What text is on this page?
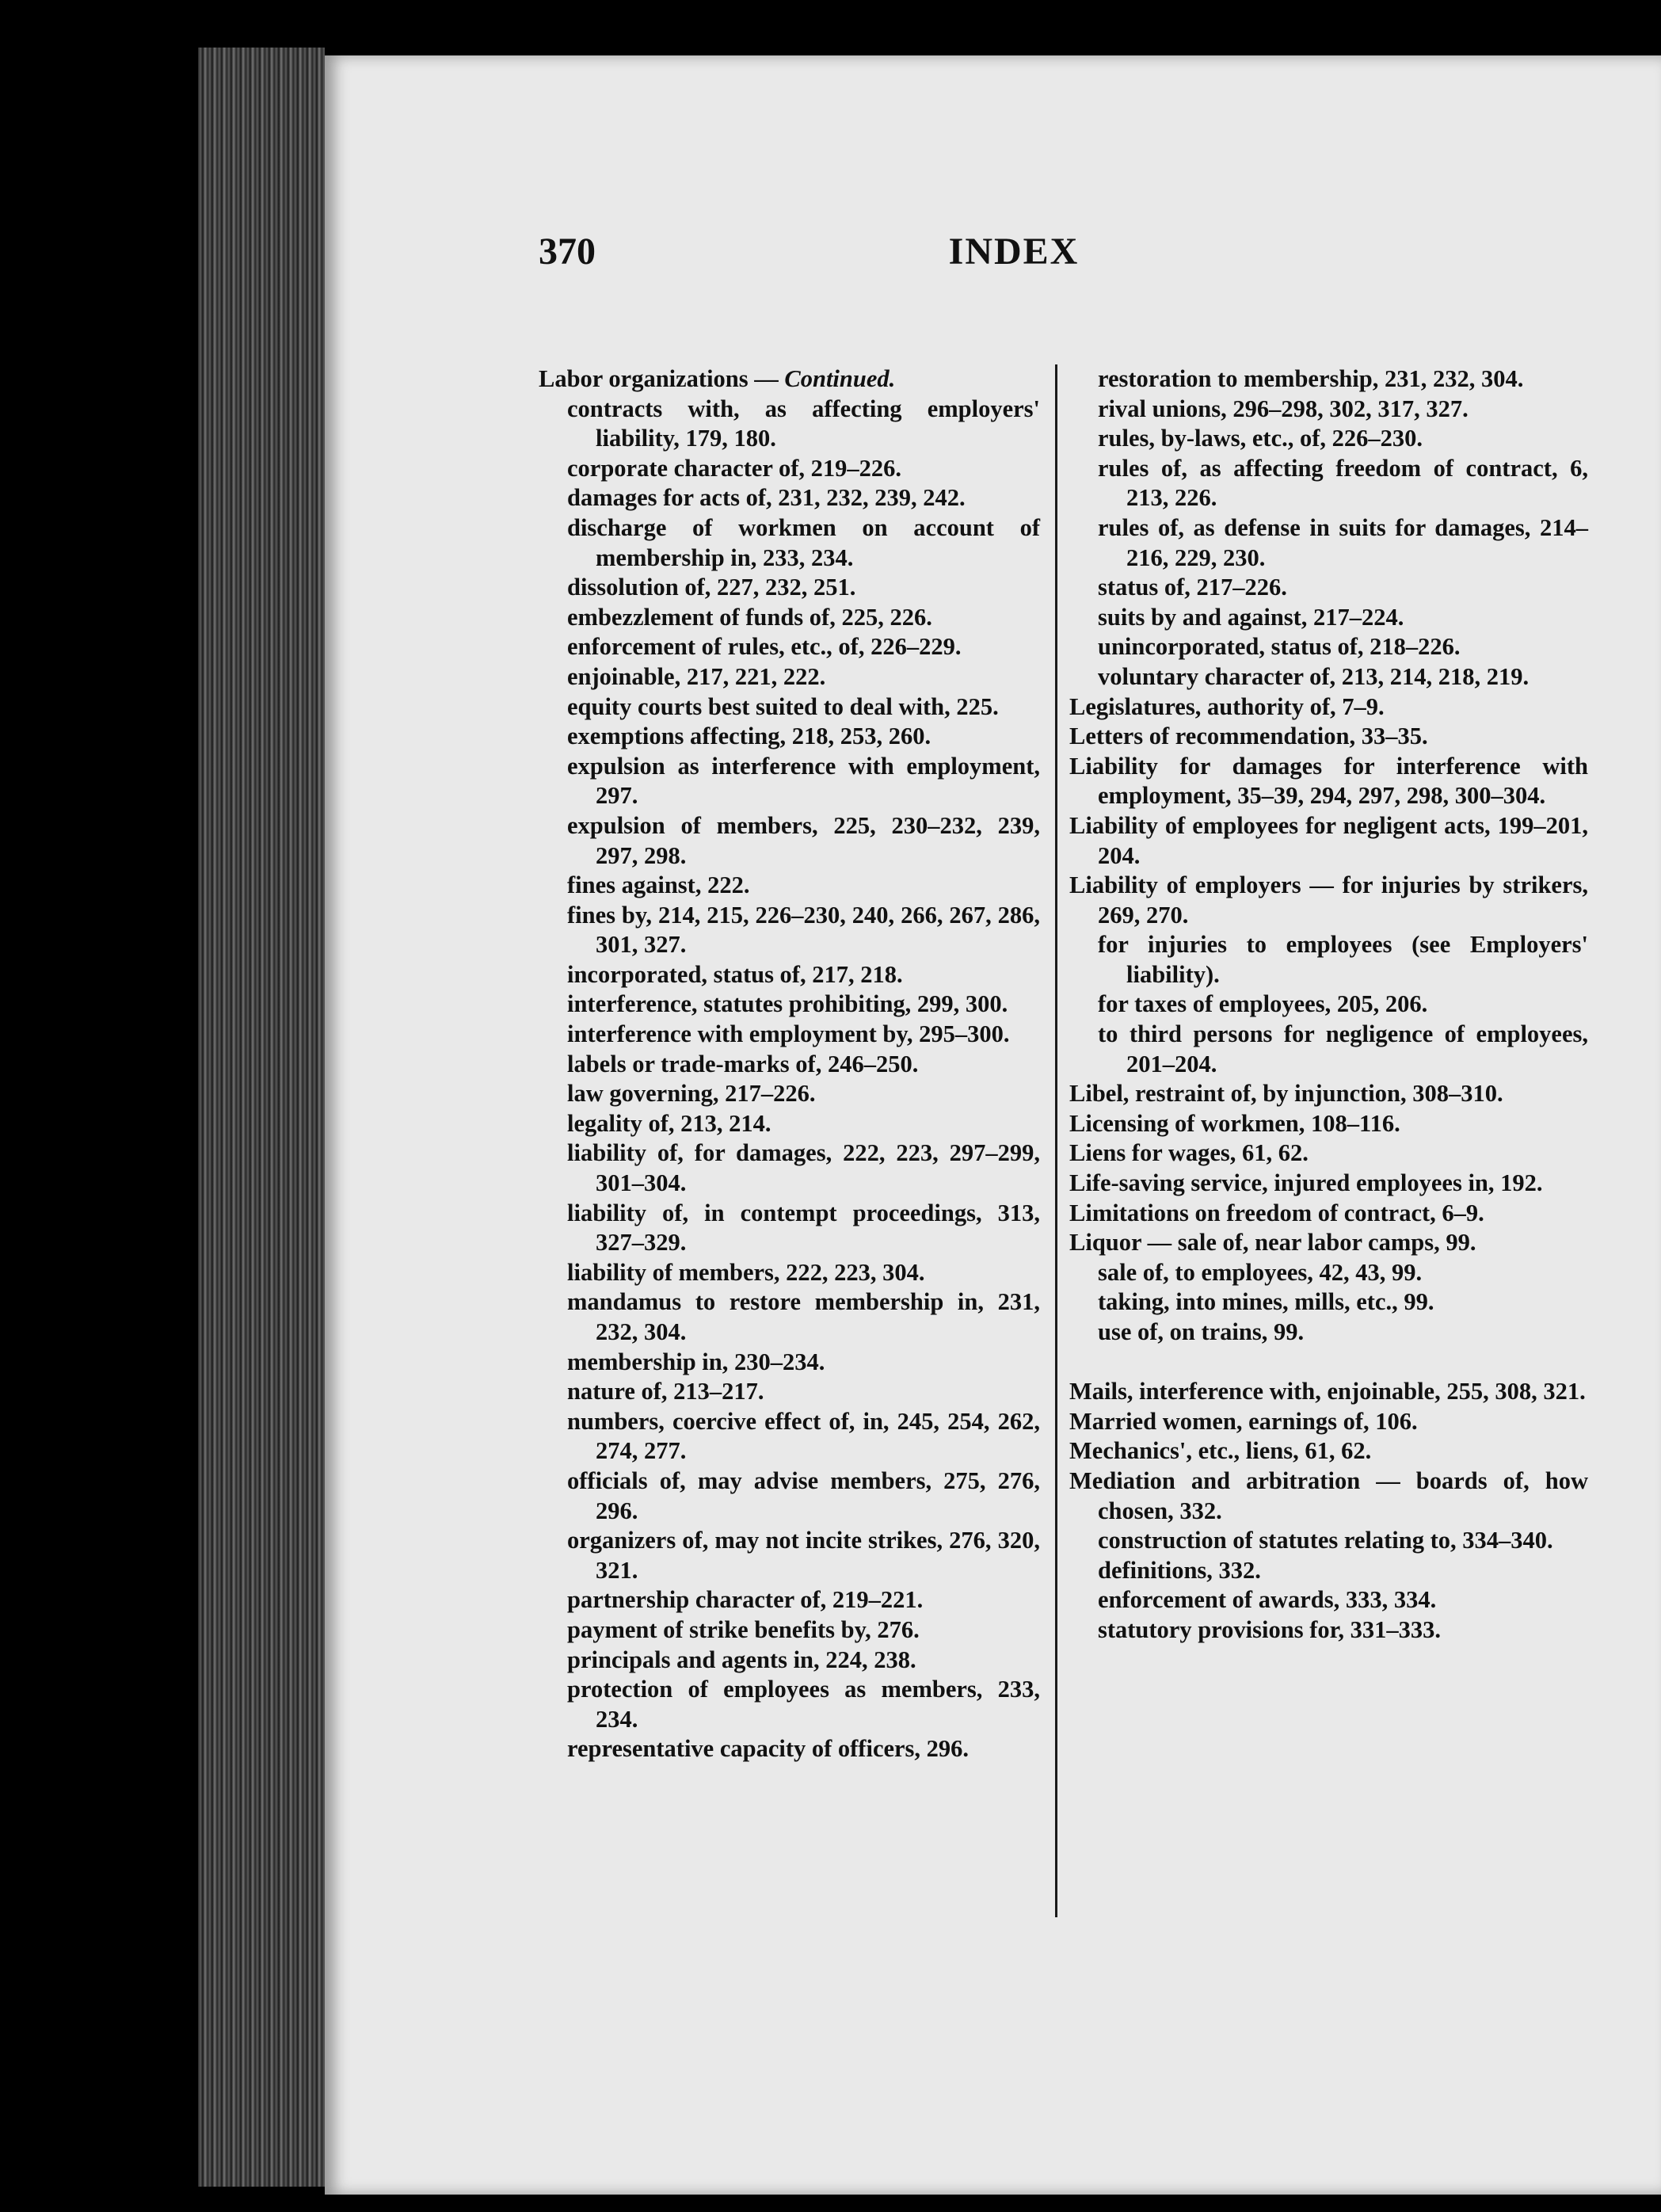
370	INDEX
Labor organizations — Continued.
contracts with, as affecting employers' liability, 179, 180.
corporate character of, 219–226.
damages for acts of, 231, 232, 239, 242.
discharge of workmen on account of membership in, 233, 234.
dissolution of, 227, 232, 251.
embezzlement of funds of, 225, 226.
enforcement of rules, etc., of, 226–229.
enjoinable, 217, 221, 222.
equity courts best suited to deal with, 225.
exemptions affecting, 218, 253, 260.
expulsion as interference with employment, 297.
expulsion of members, 225, 230–232, 239, 297, 298.
fines against, 222.
fines by, 214, 215, 226–230, 240, 266, 267, 286, 301, 327.
incorporated, status of, 217, 218.
interference, statutes prohibiting, 299, 300.
interference with employment by, 295–300.
labels or trade-marks of, 246–250.
law governing, 217–226.
legality of, 213, 214.
liability of, for damages, 222, 223, 297–299, 301–304.
liability of, in contempt proceedings, 313, 327–329.
liability of members, 222, 223, 304.
mandamus to restore membership in, 231, 232, 304.
membership in, 230–234.
nature of, 213–217.
numbers, coercive effect of, in, 245, 254, 262, 274, 277.
officials of, may advise members, 275, 276, 296.
organizers of, may not incite strikes, 276, 320, 321.
partnership character of, 219–221.
payment of strike benefits by, 276.
principals and agents in, 224, 238.
protection of employees as members, 233, 234.
representative capacity of officers, 296.
restoration to membership, 231, 232, 304.
rival unions, 296–298, 302, 317, 327.
rules, by-laws, etc., of, 226–230.
rules of, as affecting freedom of contract, 6, 213, 226.
rules of, as defense in suits for damages, 214–216, 229, 230.
status of, 217–226.
suits by and against, 217–224.
unincorporated, status of, 218–226.
voluntary character of, 213, 214, 218, 219.
Legislatures, authority of, 7–9.
Letters of recommendation, 33–35.
Liability for damages for interference with employment, 35–39, 294, 297, 298, 300–304.
Liability of employees for negligent acts, 199–201, 204.
Liability of employers — for injuries by strikers, 269, 270.
for injuries to employees (see Employers' liability).
for taxes of employees, 205, 206.
to third persons for negligence of employees, 201–204.
Libel, restraint of, by injunction, 308–310.
Licensing of workmen, 108–116.
Liens for wages, 61, 62.
Life-saving service, injured employees in, 192.
Limitations on freedom of contract, 6–9.
Liquor — sale of, near labor camps, 99.
sale of, to employees, 42, 43, 99.
taking, into mines, mills, etc., 99.
use of, on trains, 99.
Mails, interference with, enjoinable, 255, 308, 321.
Married women, earnings of, 106.
Mechanics', etc., liens, 61, 62.
Mediation and arbitration — boards of, how chosen, 332.
construction of statutes relating to, 334–340.
definitions, 332.
enforcement of awards, 333, 334.
statutory provisions for, 331–333.
